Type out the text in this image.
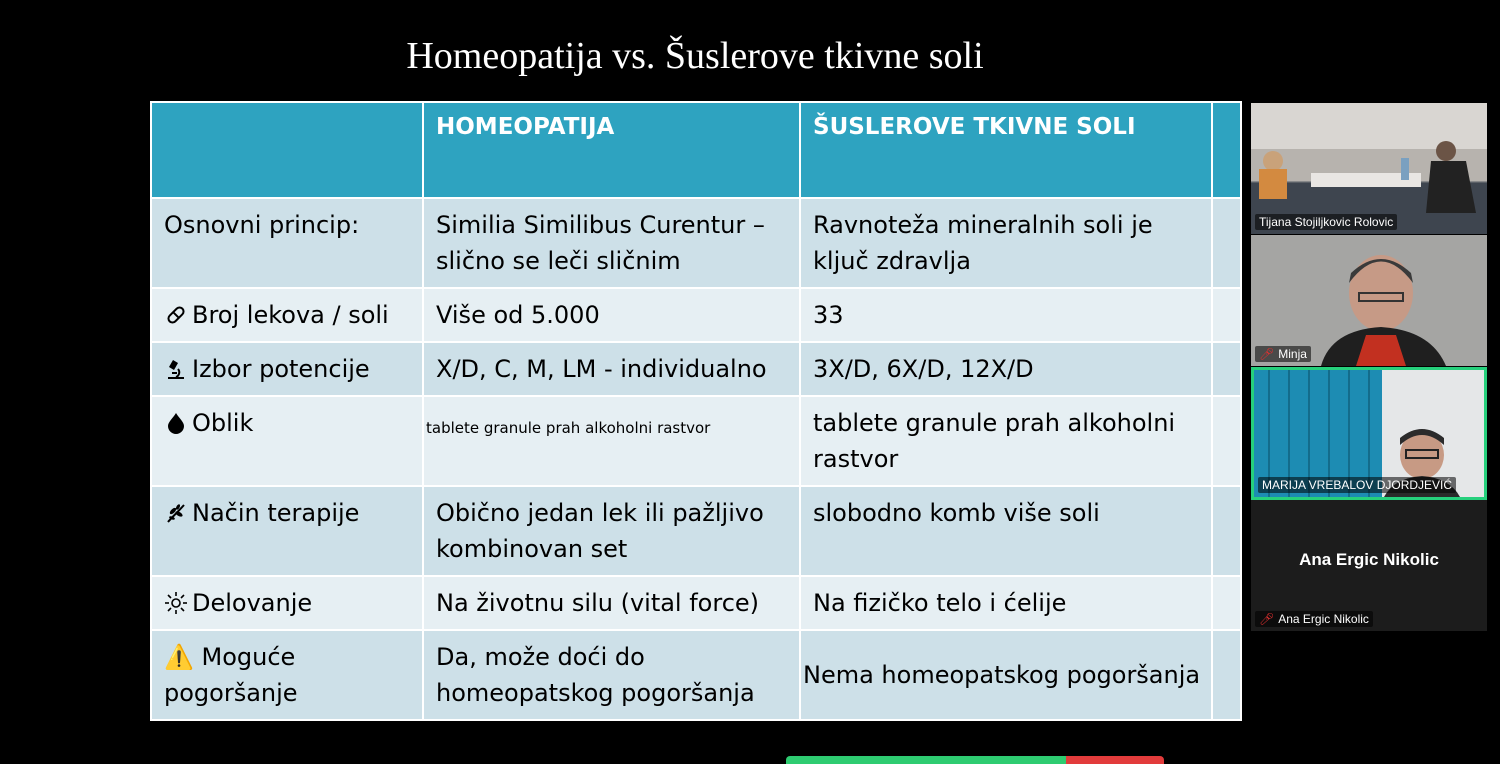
Homeopatija vs. Šuslerove tkivne soli
	HOMEOPATIJA	ŠUSLEROVE TKIVNE SOLI	
Osnovni princip:	Similia Similibus Curentur – slično se leči sličnim	Ravnoteža mineralnih soli je ključ zdravlja	
Broj lekova / soli	Više od 5.000	33	
Izbor potencije	X/D, C, M, LM - individualno	3X/D, 6X/D, 12X/D	
Oblik	tablete granule prah alkoholni rastvor	tablete granule prah alkoholni rastvor	
Način terapije	Obično jedan lek ili pažljivo kombinovan set	slobodno komb više soli	
Delovanje	Na životnu silu (vital force)	Na fizičko telo i ćelije	
⚠️ Moguće pogoršanje	Da, može doći do homeopatskog pogoršanja	Nema homeopatskog pogoršanja	
Tijana Stojiljkovic Rolovic
🎤︎ Minja
MARIJA VREBALOV DJORDJEVIĆ
Ana Ergic Nikolic
🎤︎ Ana Ergic Nikolic
